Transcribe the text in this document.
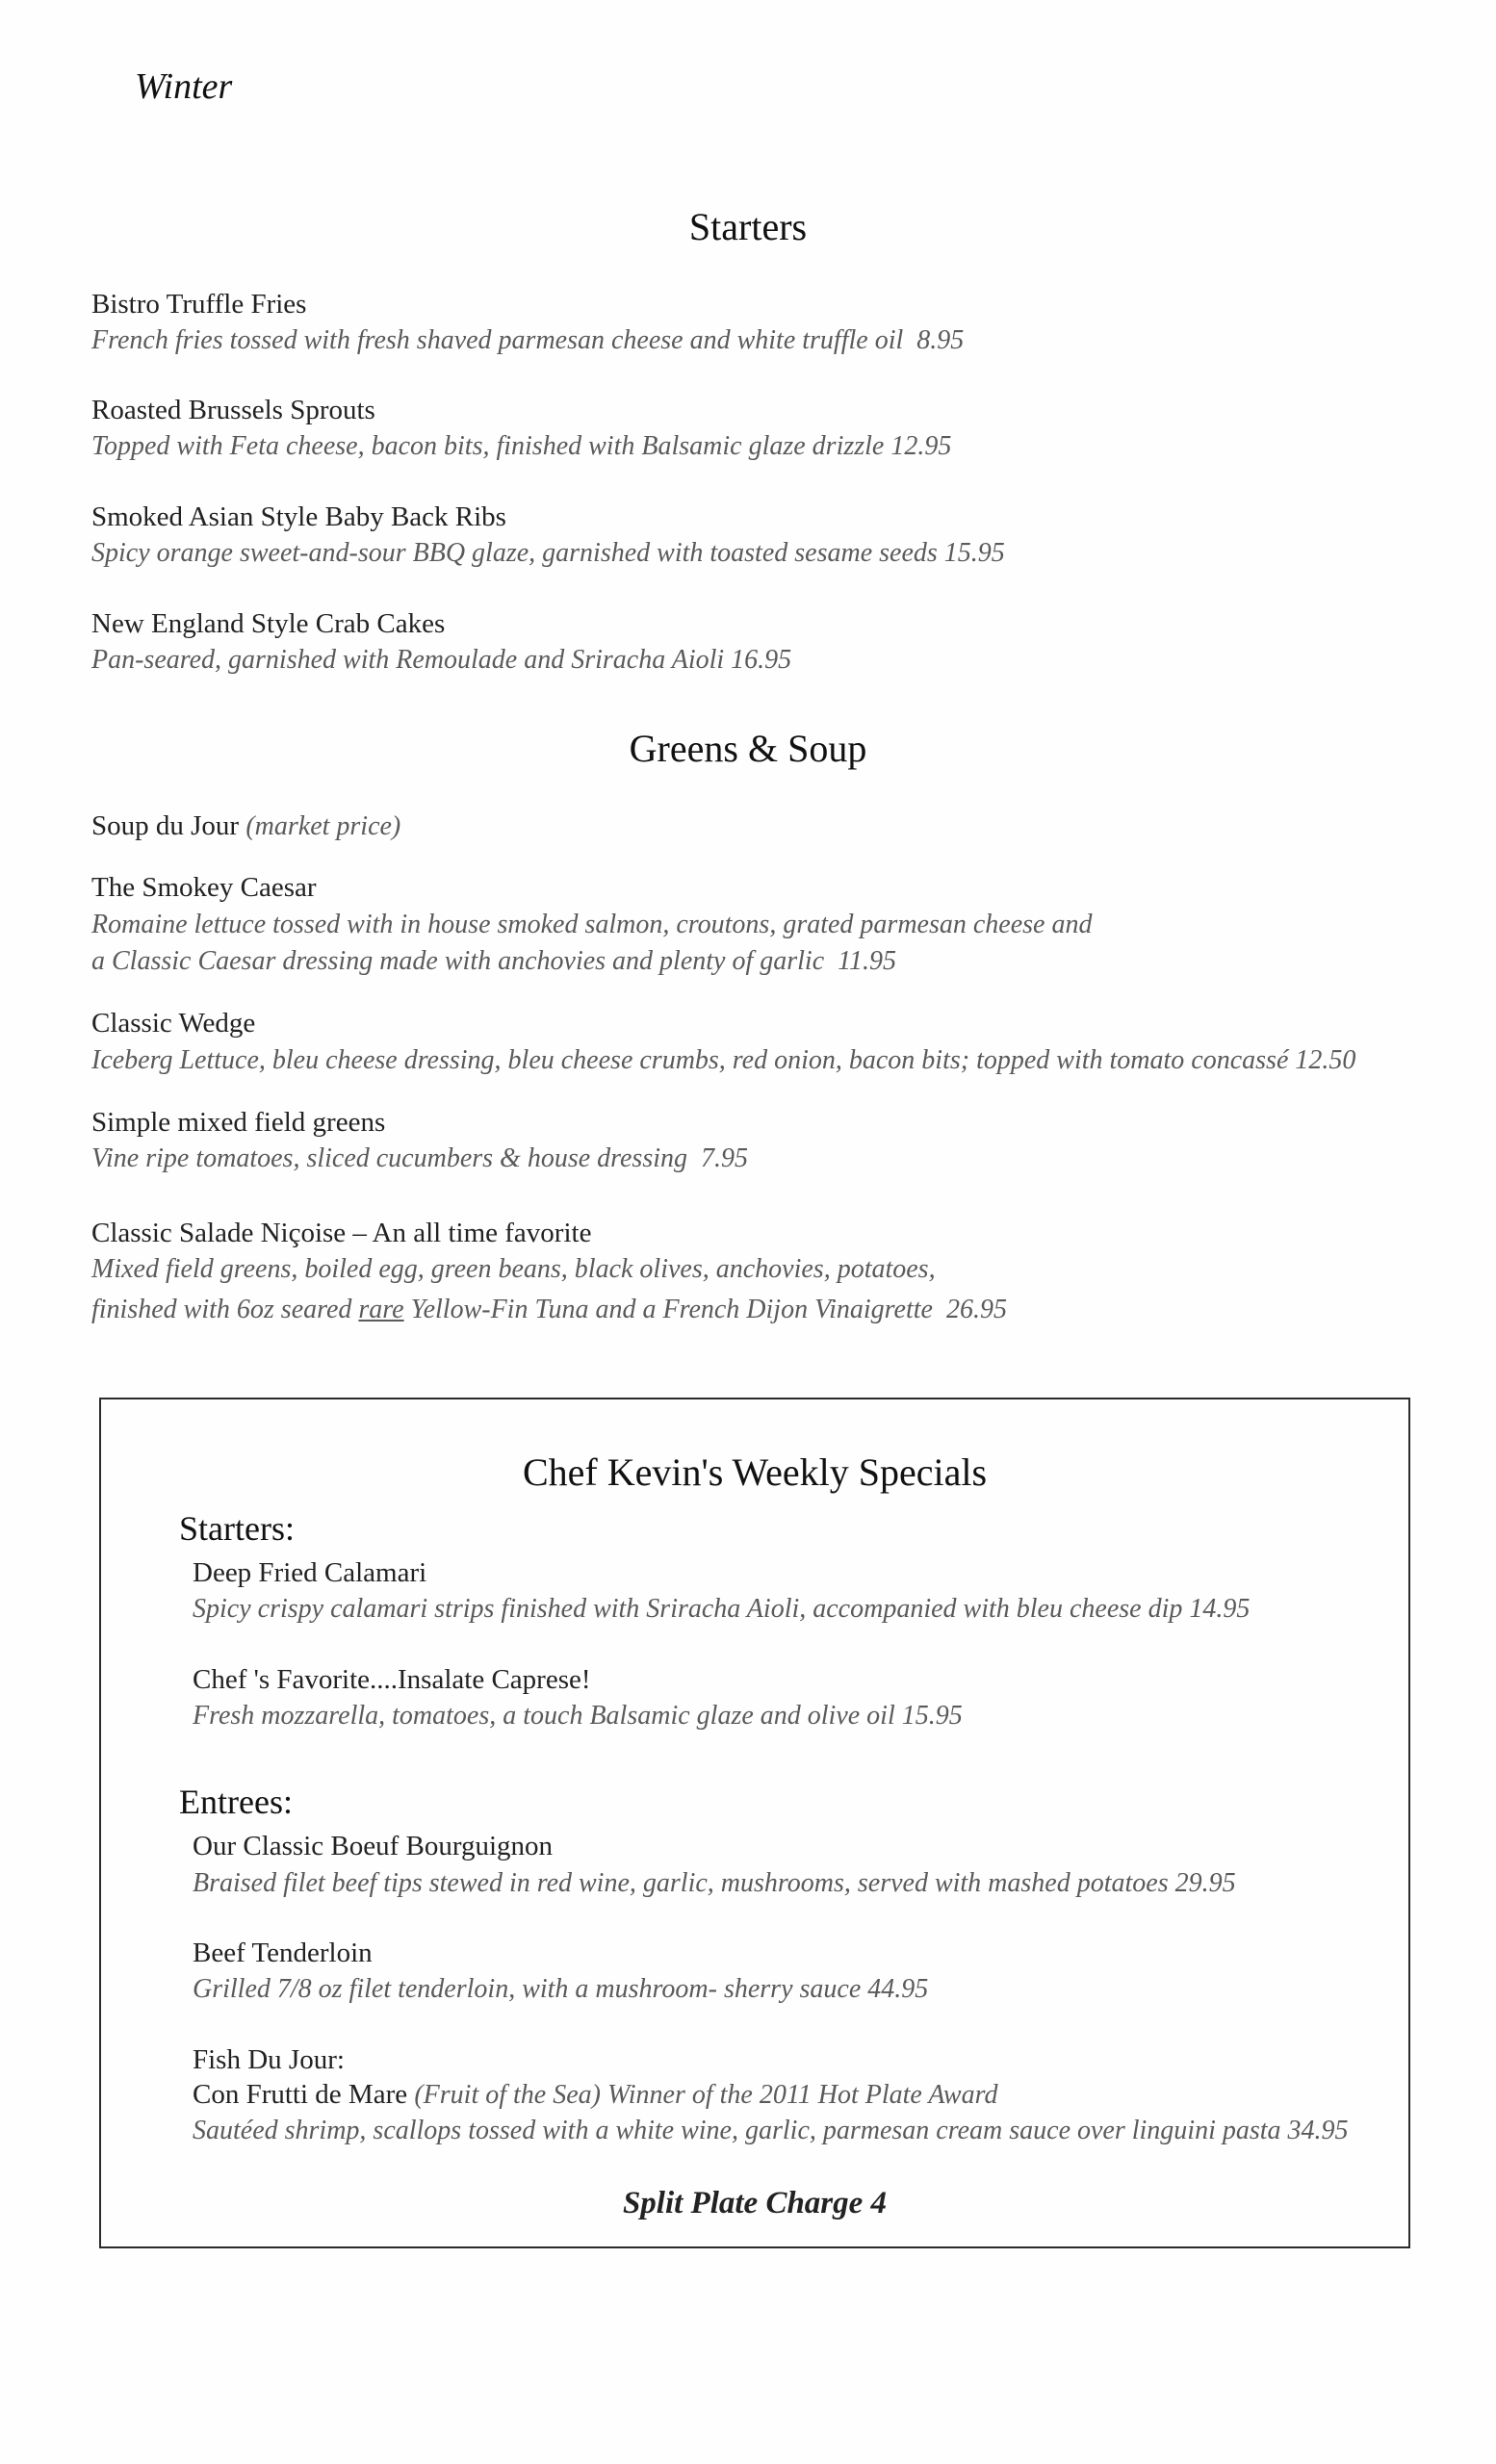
Winter
Starters
Bistro Truffle Fries
French fries tossed with fresh shaved parmesan cheese and white truffle oil  8.95
Roasted Brussels Sprouts
Topped with Feta cheese, bacon bits, finished with Balsamic glaze drizzle 12.95
Smoked Asian Style Baby Back Ribs
Spicy orange sweet-and-sour BBQ glaze, garnished with toasted sesame seeds 15.95
New England Style Crab Cakes
Pan-seared, garnished with Remoulade and Sriracha Aioli 16.95
Greens & Soup
Soup du Jour (market price)
The Smokey Caesar
Romaine lettuce tossed with in house smoked salmon, croutons, grated parmesan cheese and
a Classic Caesar dressing made with anchovies and plenty of garlic  11.95
Classic Wedge
Iceberg Lettuce, bleu cheese dressing, bleu cheese crumbs, red onion, bacon bits; topped with tomato concassé 12.50
Simple mixed field greens
Vine ripe tomatoes, sliced cucumbers & house dressing  7.95
Classic Salade Niçoise – An all time favorite
Mixed field greens, boiled egg, green beans, black olives, anchovies, potatoes,
finished with 6oz seared rare Yellow-Fin Tuna and a French Dijon Vinaigrette  26.95
Chef Kevin's Weekly Specials
Starters:
Deep Fried Calamari
Spicy crispy calamari strips finished with Sriracha Aioli, accompanied with bleu cheese dip 14.95
Chef 's Favorite....Insalate Caprese!
Fresh mozzarella, tomatoes, a touch Balsamic glaze and olive oil 15.95
Entrees:
Our Classic Boeuf Bourguignon
Braised filet beef tips stewed in red wine, garlic, mushrooms, served with mashed potatoes 29.95
Beef Tenderloin
Grilled 7/8 oz filet tenderloin, with a mushroom- sherry sauce 44.95
Fish Du Jour:
Con Frutti de Mare (Fruit of the Sea) Winner of the 2011 Hot Plate Award
Sautéed shrimp, scallops tossed with a white wine, garlic, parmesan cream sauce over linguini pasta 34.95
Split Plate Charge 4
